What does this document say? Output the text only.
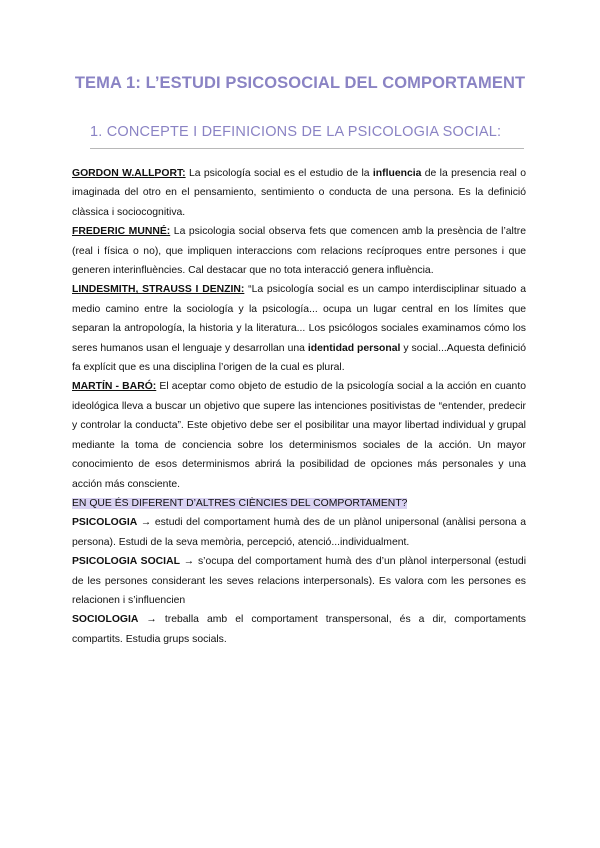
TEMA 1: L’ESTUDI PSICOSOCIAL DEL COMPORTAMENT
1. CONCEPTE I DEFINICIONS DE LA PSICOLOGIA SOCIAL:

GORDON W.ALLPORT: La psicología social es el estudio de la influencia de la presencia real o imaginada del otro en el pensamiento, sentimiento o conducta de una persona. Es la definició clàssica i sociocognitiva.

FREDERIC MUNNÉ: La psicologia social observa fets que comencen amb la presència de l’altre (real i física o no), que impliquen interaccions com relacions recíproques entre persones i que generen interinfluències. Cal destacar que no tota interacció genera influència.

LINDESMITH, STRAUSS I DENZIN: “La psicología social es un campo interdisciplinar situado a medio camino entre la sociología y la psicología... ocupa un lugar central en los límites que separan la antropología, la historia y la literatura... Los psicólogos sociales examinamos cómo los seres humanos usan el lenguaje y desarrollan una identidad personal y social...Aquesta definició fa explícit que es una disciplina l’origen de la cual es plural.

MARTÍN - BARÓ: El aceptar como objeto de estudio de la psicología social a la acción en cuanto ideológica lleva a buscar un objetivo que supere las intenciones positivistas de “entender, predecir y controlar la conducta”. Este objetivo debe ser el posibilitar una mayor libertad individual y grupal mediante la toma de conciencia sobre los determinismos sociales de la acción. Un mayor conocimiento de esos determinismos abrirá la posibilidad de opciones más personales y una acción más consciente.

EN QUE ÉS DIFERENT D’ALTRES CIÈNCIES DEL COMPORTAMENT?

PSICOLOGIA → estudi del comportament humà des de un plànol unipersonal (anàlisi persona a persona). Estudi de la seva memòria, percepció, atenció...individualment.

PSICOLOGIA SOCIAL → s’ocupa del comportament humà des d’un plànol interpersonal (estudi de les persones considerant les seves relacions interpersonals). Es valora com les persones es relacionen i s’influencien

SOCIOLOGIA → treballa amb el comportament transpersonal, és a dir, comportaments compartits. Estudia grups socials.
